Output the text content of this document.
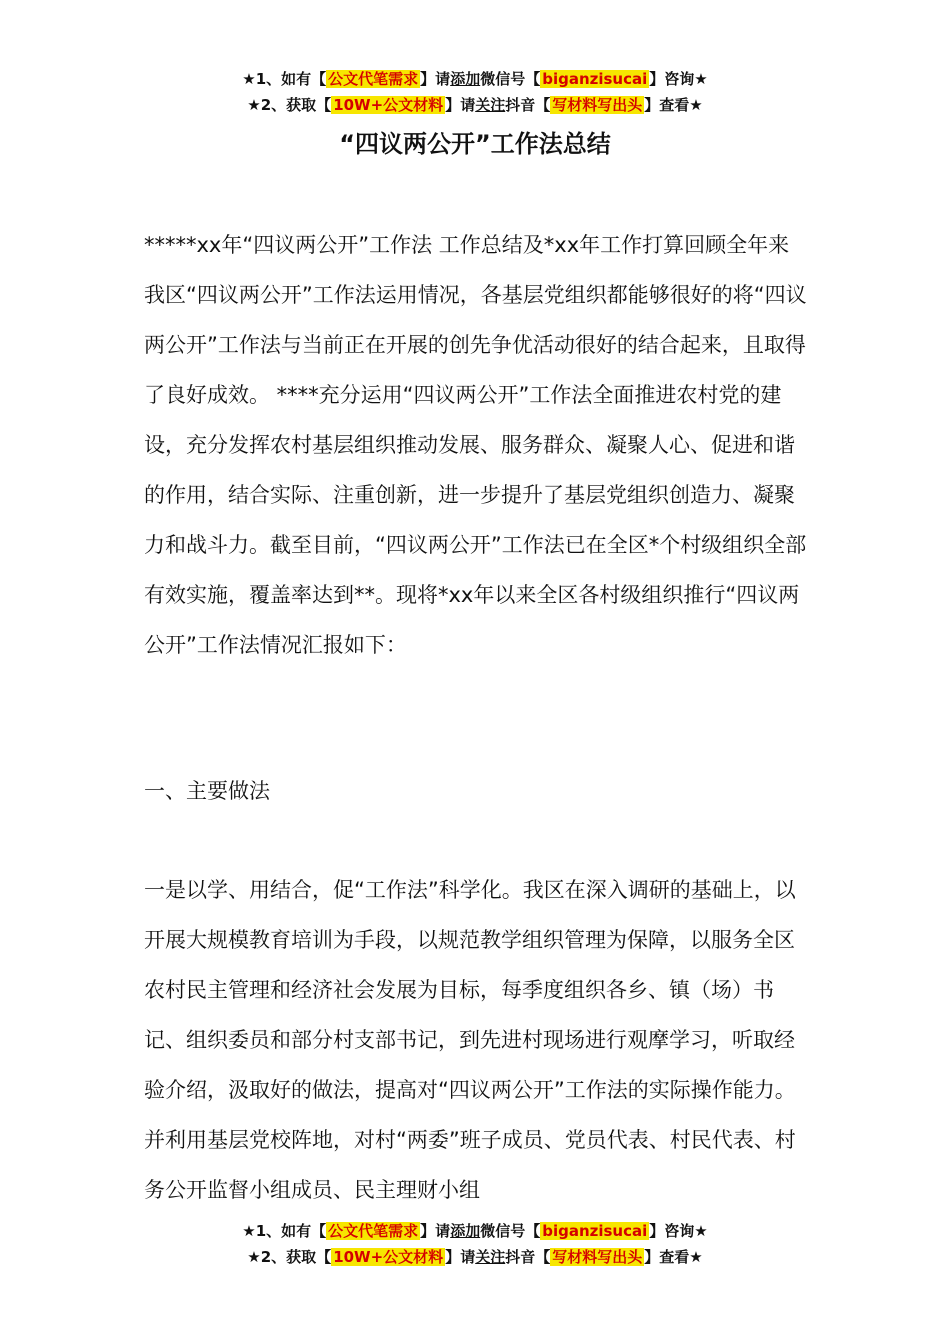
★1、如有【 公文代笔需求 】请添加微信号【 biganzisucai 】咨询★
★2、获取【 10W+公文材料 】请关注抖音【 写材料写出头 】查看★
“四议两公开”工作法总结

*****xx年“四议两公开”工作法 工作总结及*xx年工作打算回顾全年来我区“四议两公开”工作法运用情况，各基层党组织都能够很好的将“四议两公开”工作法与当前正在开展的创先争优活动很好的结合起来，且取得了良好成效。 ****充分运用“四议两公开”工作法全面推进农村党的建设，充分发挥农村基层组织推动发展、服务群众、凝聚人心、促进和谐的作用，结合实际、注重创新，进一步提升了基层党组织创造力、凝聚力和战斗力。截至目前，“四议两公开”工作法已在全区*个村级组织全部有效实施，覆盖率达到**。现将*xx年以来全区各村级组织推行“四议两公开”工作法情况汇报如下：

一、主要做法

一是以学、用结合，促“工作法”科学化。我区在深入调研的基础上，以开展大规模教育培训为手段，以规范教学组织管理为保障，以服务全区农村民主管理和经济社会发展为目标，每季度组织各乡、镇（场）书记、组织委员和部分村支部书记，到先进村现场进行观摩学习，听取经验介绍，汲取好的做法，提高对“四议两公开”工作法的实际操作能力。并利用基层党校阵地，对村“两委”班子成员、党员代表、村民代表、村务公开监督小组成员、民主理财小组

★1、如有【 公文代笔需求 】请添加微信号【 biganzisucai 】咨询★
★2、获取【 10W+公文材料 】请关注抖音【 写材料写出头 】查看★
